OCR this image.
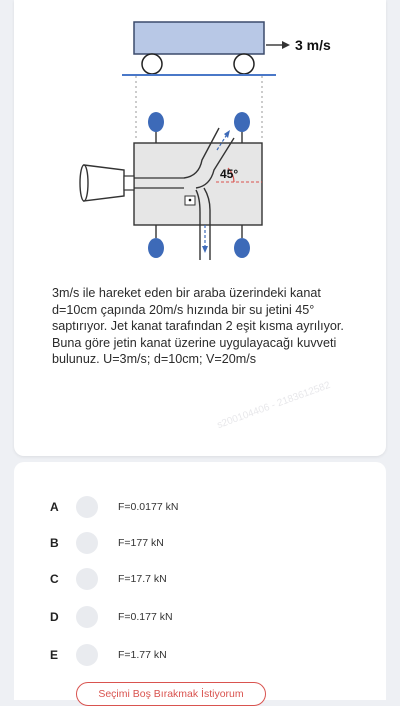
3 m/s
45°
3m/s ile hareket eden bir araba üzerindeki kanat d=10cm çapında 20m/s hızında bir su jetini 45° saptırıyor. Jet kanat tarafından 2 eşit kısma ayrılıyor. Buna göre jetin kanat üzerine uygulayacağı kuvveti bulunuz. U=3m/s; d=10cm; V=20m/s
s200104406 - 2183612582
A	F=0.0177 kN
B	F=177 kN
C	F=17.7 kN
D	F=0.177 kN
E	F=1.77 kN
Seçimi Boş Bırakmak İstiyorum
